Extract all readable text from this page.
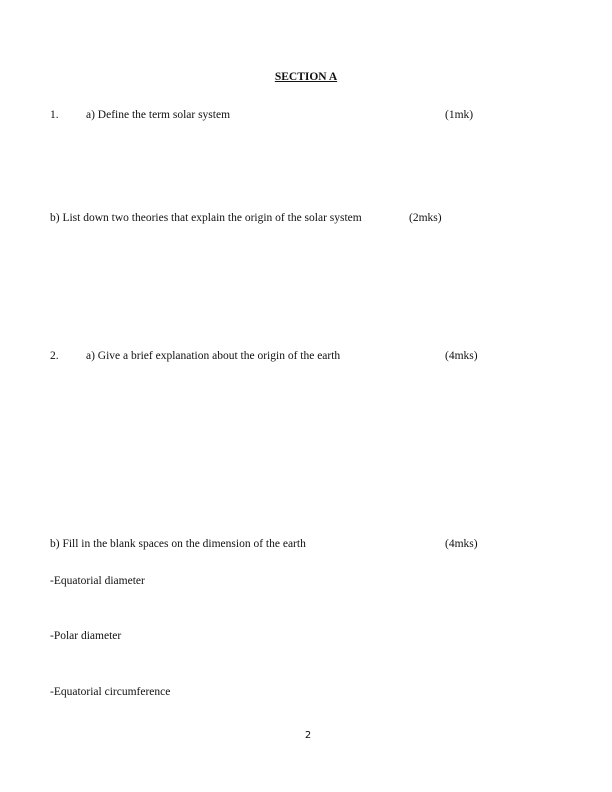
SECTION A
1. a) Define the term solar system	(1mk)
b) List down two theories that explain the origin of the solar system	(2mks)
2. a) Give a brief explanation about the origin of the earth	(4mks)
b) Fill in the blank spaces on the dimension of the earth	(4mks)
-Equatorial diameter
-Polar diameter
-Equatorial circumference
2
